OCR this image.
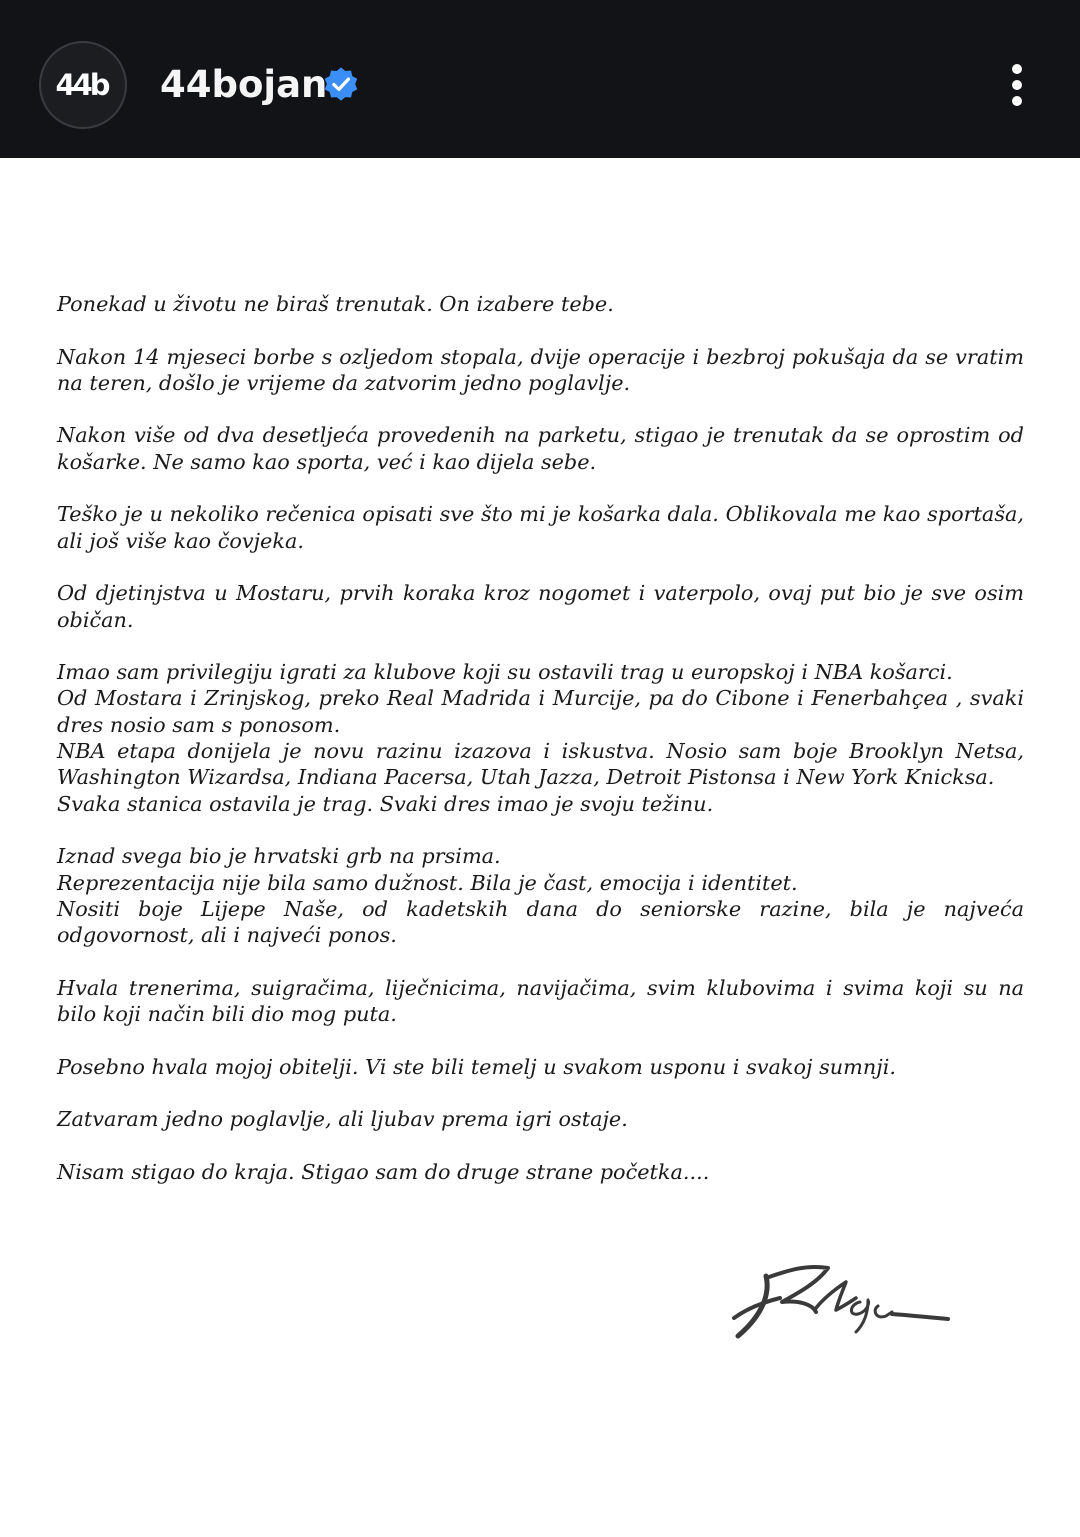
44b 44bojan

Ponekad u životu ne biraš trenutak. On izabere tebe.

Nakon 14 mjeseci borbe s ozljedom stopala, dvije operacije i bezbroj pokušaja da se vratim na teren, došlo je vrijeme da zatvorim jedno poglavlje.

Nakon više od dva desetljeća provedenih na parketu, stigao je trenutak da se oprostim od košarke. Ne samo kao sporta, već i kao dijela sebe.

Teško je u nekoliko rečenica opisati sve što mi je košarka dala. Oblikovala me kao sportaša, ali još više kao čovjeka.

Od djetinjstva u Mostaru, prvih koraka kroz nogomet i vaterpolo, ovaj put bio je sve osim običan.

Imao sam privilegiju igrati za klubove koji su ostavili trag u europskoj i NBA košarci.
Od Mostara i Zrinjskog, preko Real Madrida i Murcije, pa do Cibone i Fenerbahçea , svaki dres nosio sam s ponosom.
NBA etapa donijela je novu razinu izazova i iskustva. Nosio sam boje Brooklyn Netsa, Washington Wizardsa, Indiana Pacersa, Utah Jazza, Detroit Pistonsa i New York Knicksa.
Svaka stanica ostavila je trag. Svaki dres imao je svoju težinu.

Iznad svega bio je hrvatski grb na prsima.
Reprezentacija nije bila samo dužnost. Bila je čast, emocija i identitet.
Nositi boje Lijepe Naše, od kadetskih dana do seniorske razine, bila je najveća odgovornost, ali i najveći ponos.

Hvala trenerima, suigračima, liječnicima, navijačima, svim klubovima i svima koji su na bilo koji način bili dio mog puta.

Posebno hvala mojoj obitelji. Vi ste bili temelj u svakom usponu i svakoj sumnji.

Zatvaram jedno poglavlje, ali ljubav prema igri ostaje.

Nisam stigao do kraja. Stigao sam do druge strane početka....
